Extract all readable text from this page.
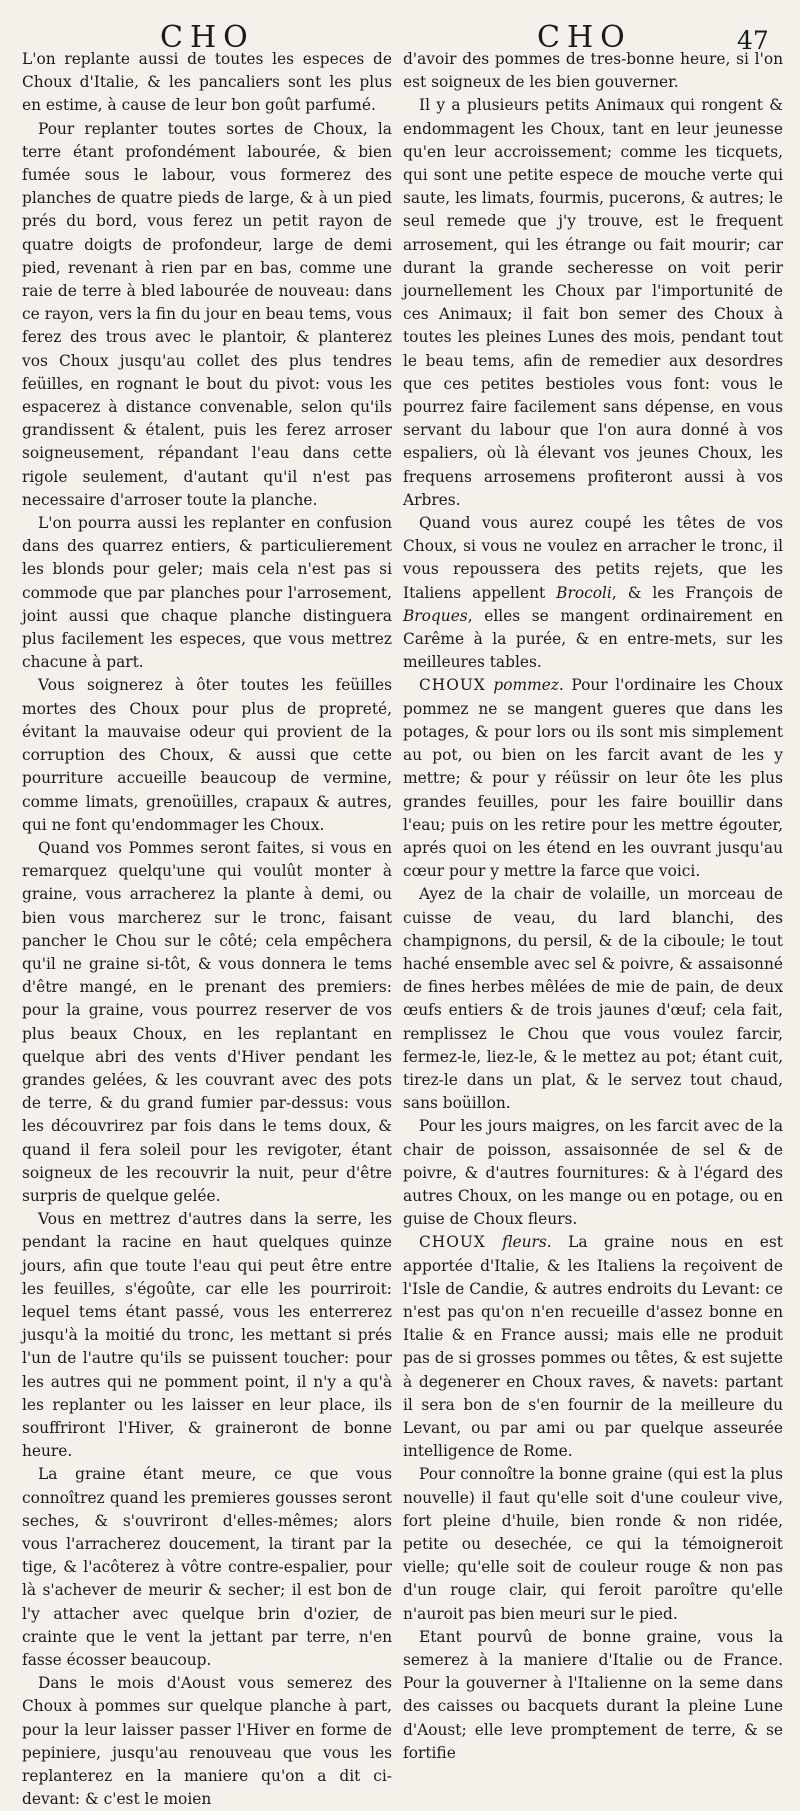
CHO	CHO	47

L'on replante aussi de toutes les especes de Choux d'Italie, & les pancaliers sont les plus en estime, à cause de leur bon goût parfumé.

Pour replanter toutes sortes de Choux, la terre étant profondément labourée, & bien fumée sous le labour, vous formerez des planches de quatre pieds de large, & à un pied prés du bord, vous ferez un petit rayon de quatre doigts de profondeur, large de demi pied, revenant à rien par en bas, comme une raie de terre à bled labourée de nouveau: dans ce rayon, vers la fin du jour en beau tems, vous ferez des trous avec le plantoir, & planterez vos Choux jusqu'au collet des plus tendres feüilles, en rognant le bout du pivot: vous les espacerez à distance convenable, selon qu'ils grandissent & étalent, puis les ferez arroser soigneusement, répandant l'eau dans cette rigole seulement, d'autant qu'il n'est pas necessaire d'arroser toute la planche.

L'on pourra aussi les replanter en confusion dans des quarrez entiers, & particulierement les blonds pour geler; mais cela n'est pas si commode que par planches pour l'arrosement, joint aussi que chaque planche distinguera plus facilement les especes, que vous mettrez chacune à part.

Vous soignerez à ôter toutes les feüilles mortes des Choux pour plus de propreté, évitant la mauvaise odeur qui provient de la corruption des Choux, & aussi que cette pourriture accueille beaucoup de vermine, comme limats, grenoüilles, crapaux & autres, qui ne font qu'endommager les Choux.

Quand vos Pommes seront faites, si vous en remarquez quelqu'une qui voulût monter à graine, vous arracherez la plante à demi, ou bien vous marcherez sur le tronc, faisant pancher le Chou sur le côté; cela empêchera qu'il ne graine si-tôt, & vous donnera le tems d'être mangé, en le prenant des premiers: pour la graine, vous pourrez reserver de vos plus beaux Choux, en les replantant en quelque abri des vents d'Hiver pendant les grandes gelées, & les couvrant avec des pots de terre, & du grand fumier par-dessus: vous les découvrirez par fois dans le tems doux, & quand il fera soleil pour les revigoter, étant soigneux de les recouvrir la nuit, peur d'être surpris de quelque gelée.

Vous en mettrez d'autres dans la serre, les pendant la racine en haut quelques quinze jours, afin que toute l'eau qui peut être entre les feuilles, s'égoûte, car elle les pourriroit: lequel tems étant passé, vous les enterrerez jusqu'à la moitié du tronc, les mettant si prés l'un de l'autre qu'ils se puissent toucher: pour les autres qui ne pomment point, il n'y a qu'à les replanter ou les laisser en leur place, ils souffriront l'Hiver, & graineront de bonne heure.

La graine étant meure, ce que vous connoîtrez quand les premieres gousses seront seches, & s'ouvriront d'elles-mêmes; alors vous l'arracherez doucement, la tirant par la tige, & l'acôterez à vôtre contre-espalier, pour là s'achever de meurir & secher; il est bon de l'y attacher avec quelque brin d'ozier, de crainte que le vent la jettant par terre, n'en fasse écosser beaucoup.

Dans le mois d'Aoust vous semerez des Choux à pommes sur quelque planche à part, pour la leur laisser passer l'Hiver en forme de pepiniere, jusqu'au renouveau que vous les replanterez en la maniere qu'on a dit ci-devant: & c'est le moien

d'avoir des pommes de tres-bonne heure, si l'on est soigneux de les bien gouverner.

Il y a plusieurs petits Animaux qui rongent & endommagent les Choux, tant en leur jeunesse qu'en leur accroissement; comme les ticquets, qui sont une petite espece de mouche verte qui saute, les limats, fourmis, pucerons, & autres; le seul remede que j'y trouve, est le frequent arrosement, qui les étrange ou fait mourir; car durant la grande secheresse on voit perir journellement les Choux par l'importunité de ces Animaux; il fait bon semer des Choux à toutes les pleines Lunes des mois, pendant tout le beau tems, afin de remedier aux desordres que ces petites bestioles vous font: vous le pourrez faire facilement sans dépense, en vous servant du labour que l'on aura donné à vos espaliers, où là élevant vos jeunes Choux, les frequens arrosemens profiteront aussi à vos Arbres.

Quand vous aurez coupé les têtes de vos Choux, si vous ne voulez en arracher le tronc, il vous repoussera des petits rejets, que les Italiens appellent Brocoli, & les François de Broques, elles se mangent ordinairement en Carême à la purée, & en entre-mets, sur les meilleures tables.

CHOUX pommez. Pour l'ordinaire les Choux pommez ne se mangent gueres que dans les potages, & pour lors ou ils sont mis simplement au pot, ou bien on les farcit avant de les y mettre; & pour y réüssir on leur ôte les plus grandes feuilles, pour les faire bouillir dans l'eau; puis on les retire pour les mettre égouter, aprés quoi on les étend en les ouvrant jusqu'au cœur pour y mettre la farce que voici.

Ayez de la chair de volaille, un morceau de cuisse de veau, du lard blanchi, des champignons, du persil, & de la ciboule; le tout haché ensemble avec sel & poivre, & assaisonné de fines herbes mêlées de mie de pain, de deux œufs entiers & de trois jaunes d'œuf; cela fait, remplissez le Chou que vous voulez farcir, fermez-le, liez-le, & le mettez au pot; étant cuit, tirez-le dans un plat, & le servez tout chaud, sans boüillon.

Pour les jours maigres, on les farcit avec de la chair de poisson, assaisonnée de sel & de poivre, & d'autres fournitures: & à l'égard des autres Choux, on les mange ou en potage, ou en guise de Choux fleurs.

CHOUX fleurs. La graine nous en est apportée d'Italie, & les Italiens la reçoivent de l'Isle de Candie, & autres endroits du Levant: ce n'est pas qu'on n'en recueille d'assez bonne en Italie & en France aussi; mais elle ne produit pas de si grosses pommes ou têtes, & est sujette à degenerer en Choux raves, & navets: partant il sera bon de s'en fournir de la meilleure du Levant, ou par ami ou par quelque asseurée intelligence de Rome.

Pour connoître la bonne graine (qui est la plus nouvelle) il faut qu'elle soit d'une couleur vive, fort pleine d'huile, bien ronde & non ridée, petite ou desechée, ce qui la témoigneroit vielle; qu'elle soit de couleur rouge & non pas d'un rouge clair, qui feroit paroître qu'elle n'auroit pas bien meuri sur le pied.

Etant pourvû de bonne graine, vous la semerez à la maniere d'Italie ou de France. Pour la gouverner à l'Italienne on la seme dans des caisses ou bacquets durant la pleine Lune d'Aoust; elle leve promptement de terre, & se fortifie
